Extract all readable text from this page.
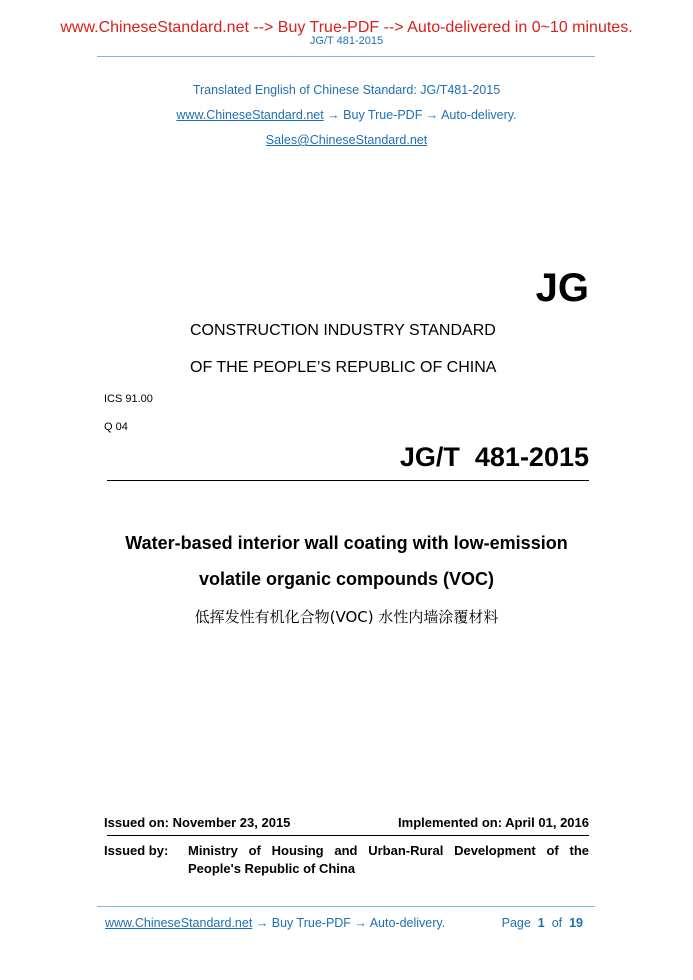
www.ChineseStandard.net --> Buy True-PDF --> Auto-delivered in 0~10 minutes.
JG/T 481-2015
Translated English of Chinese Standard: JG/T481-2015
www.ChineseStandard.net → Buy True-PDF → Auto-delivery.
Sales@ChineseStandard.net
JG
CONSTRUCTION INDUSTRY STANDARD
OF THE PEOPLE’S REPUBLIC OF CHINA
ICS 91.00
Q 04
JG/T  481-2015
Water-based interior wall coating with low-emission
volatile organic compounds (VOC)
低挥发性有机化合物(VOC) 水性内墙涂覆材料
Issued on: November 23, 2015	Implemented on: April 01, 2016
Issued by: Ministry of Housing and Urban-Rural Development of the
People's Republic of China
www.ChineseStandard.net → Buy True-PDF → Auto-delivery.	Page 1 of 19
